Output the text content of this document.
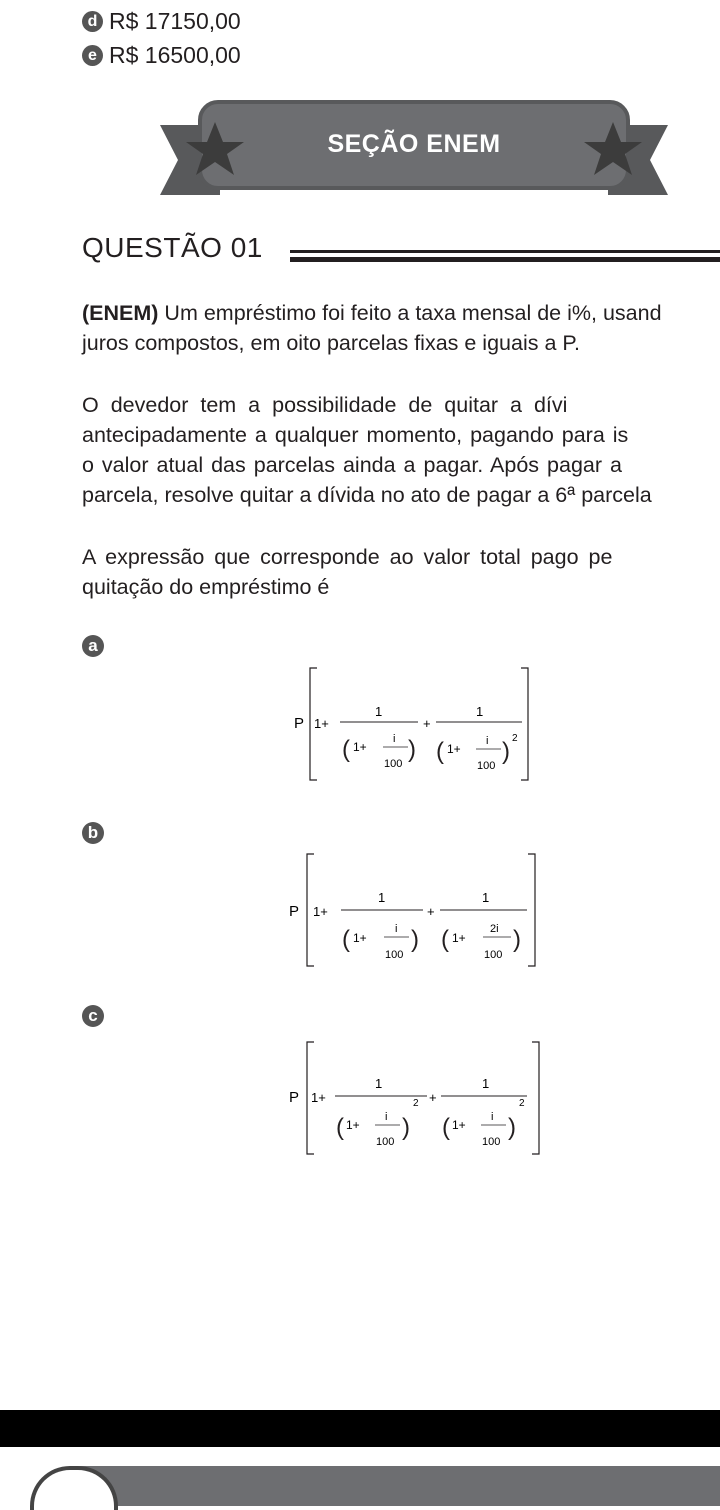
d R$ 17150,00
e R$ 16500,00
SEÇÃO ENEM
QUESTÃO 01
(ENEM) Um empréstimo foi feito a taxa mensal de i%, usand
juros compostos, em oito parcelas fixas e iguais a P.
O devedor tem a possibilidade de quitar a dívi
antecipadamente a qualquer momento, pagando para is
o valor atual das parcelas ainda a pagar. Após pagar a
parcela, resolve quitar a dívida no ato de pagar a 6ª parcela
A expressão que corresponde ao valor total pago pe
quitação do empréstimo é
a
P 1+
1
( 1+
i
100
)
+
1
( 1+
i
100
) 2
b
P 1+
1
( 1+
i
100
)
+
1
( 1+
2i
100
)
c
P 1+
1
( 1+
i
100
)
2 +
1
( 1+
i
100
)
2
